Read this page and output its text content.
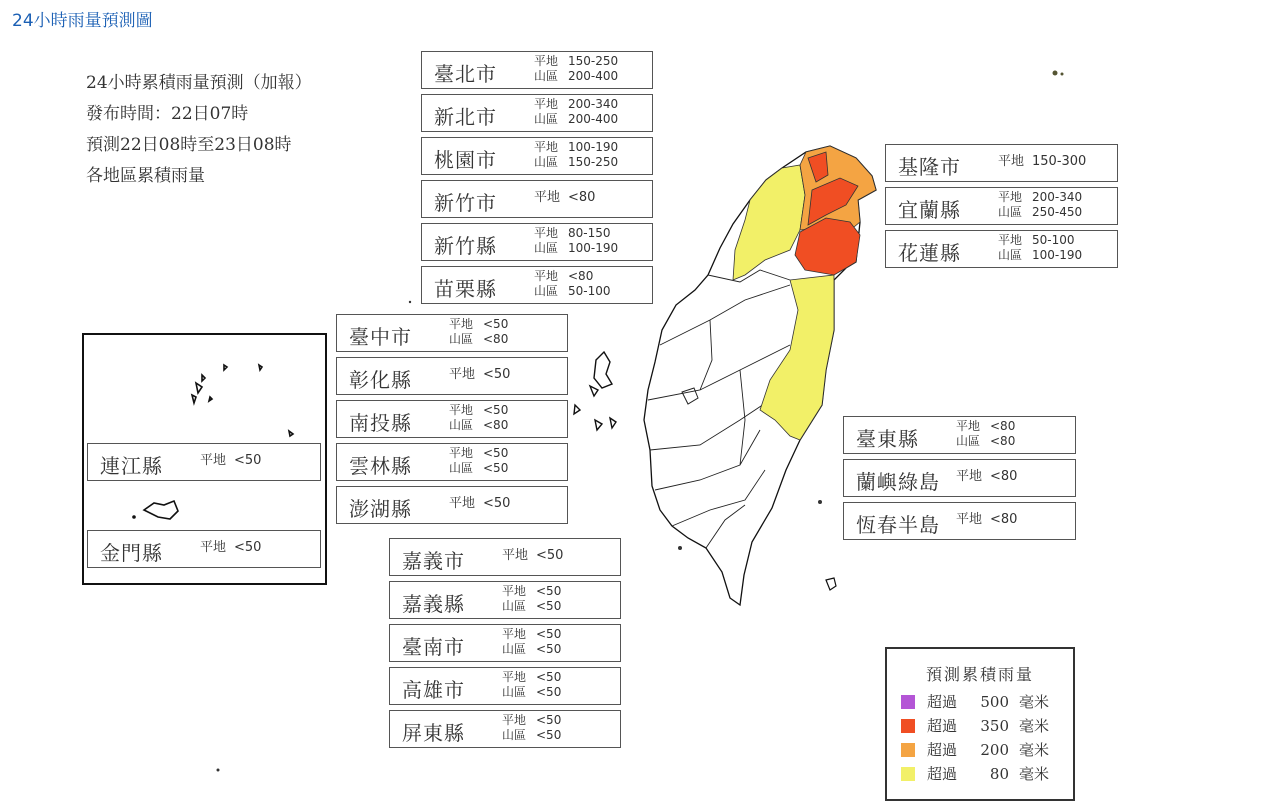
24小時雨量預測圖
24小時累積雨量預測（加報）
發布時間：22日07時
預測22日08時至23日08時
各地區累積雨量
臺北市
平地 150-250
山區 200-400
新北市
平地 200-340
山區 200-400
桃園市
平地 100-190
山區 150-250
新竹市	平地 <80
新竹縣
平地 80-150
山區 100-190
苗栗縣
平地 <80
山區 50-100
基隆市	平地 150-300
宜蘭縣
平地 200-340
山區 250-450
花蓮縣
平地 50-100
山區 100-190
臺中市
平地 <50
山區 <80
彰化縣	平地 <50
南投縣
平地 <50
山區 <80
雲林縣
平地 <50
山區 <50
澎湖縣	平地 <50
連江縣	平地 <50
金門縣	平地 <50
嘉義市	平地 <50
嘉義縣
平地 <50
山區 <50
臺南市
平地 <50
山區 <50
高雄市
平地 <50
山區 <50
屏東縣
平地 <50
山區 <50
臺東縣
平地 <80
山區 <80
蘭嶼綠島 平地 <80
恆春半島 平地 <80
預測累積雨量
超過 500 毫米
超過 350 毫米
超過 200 毫米
超過 80 毫米
